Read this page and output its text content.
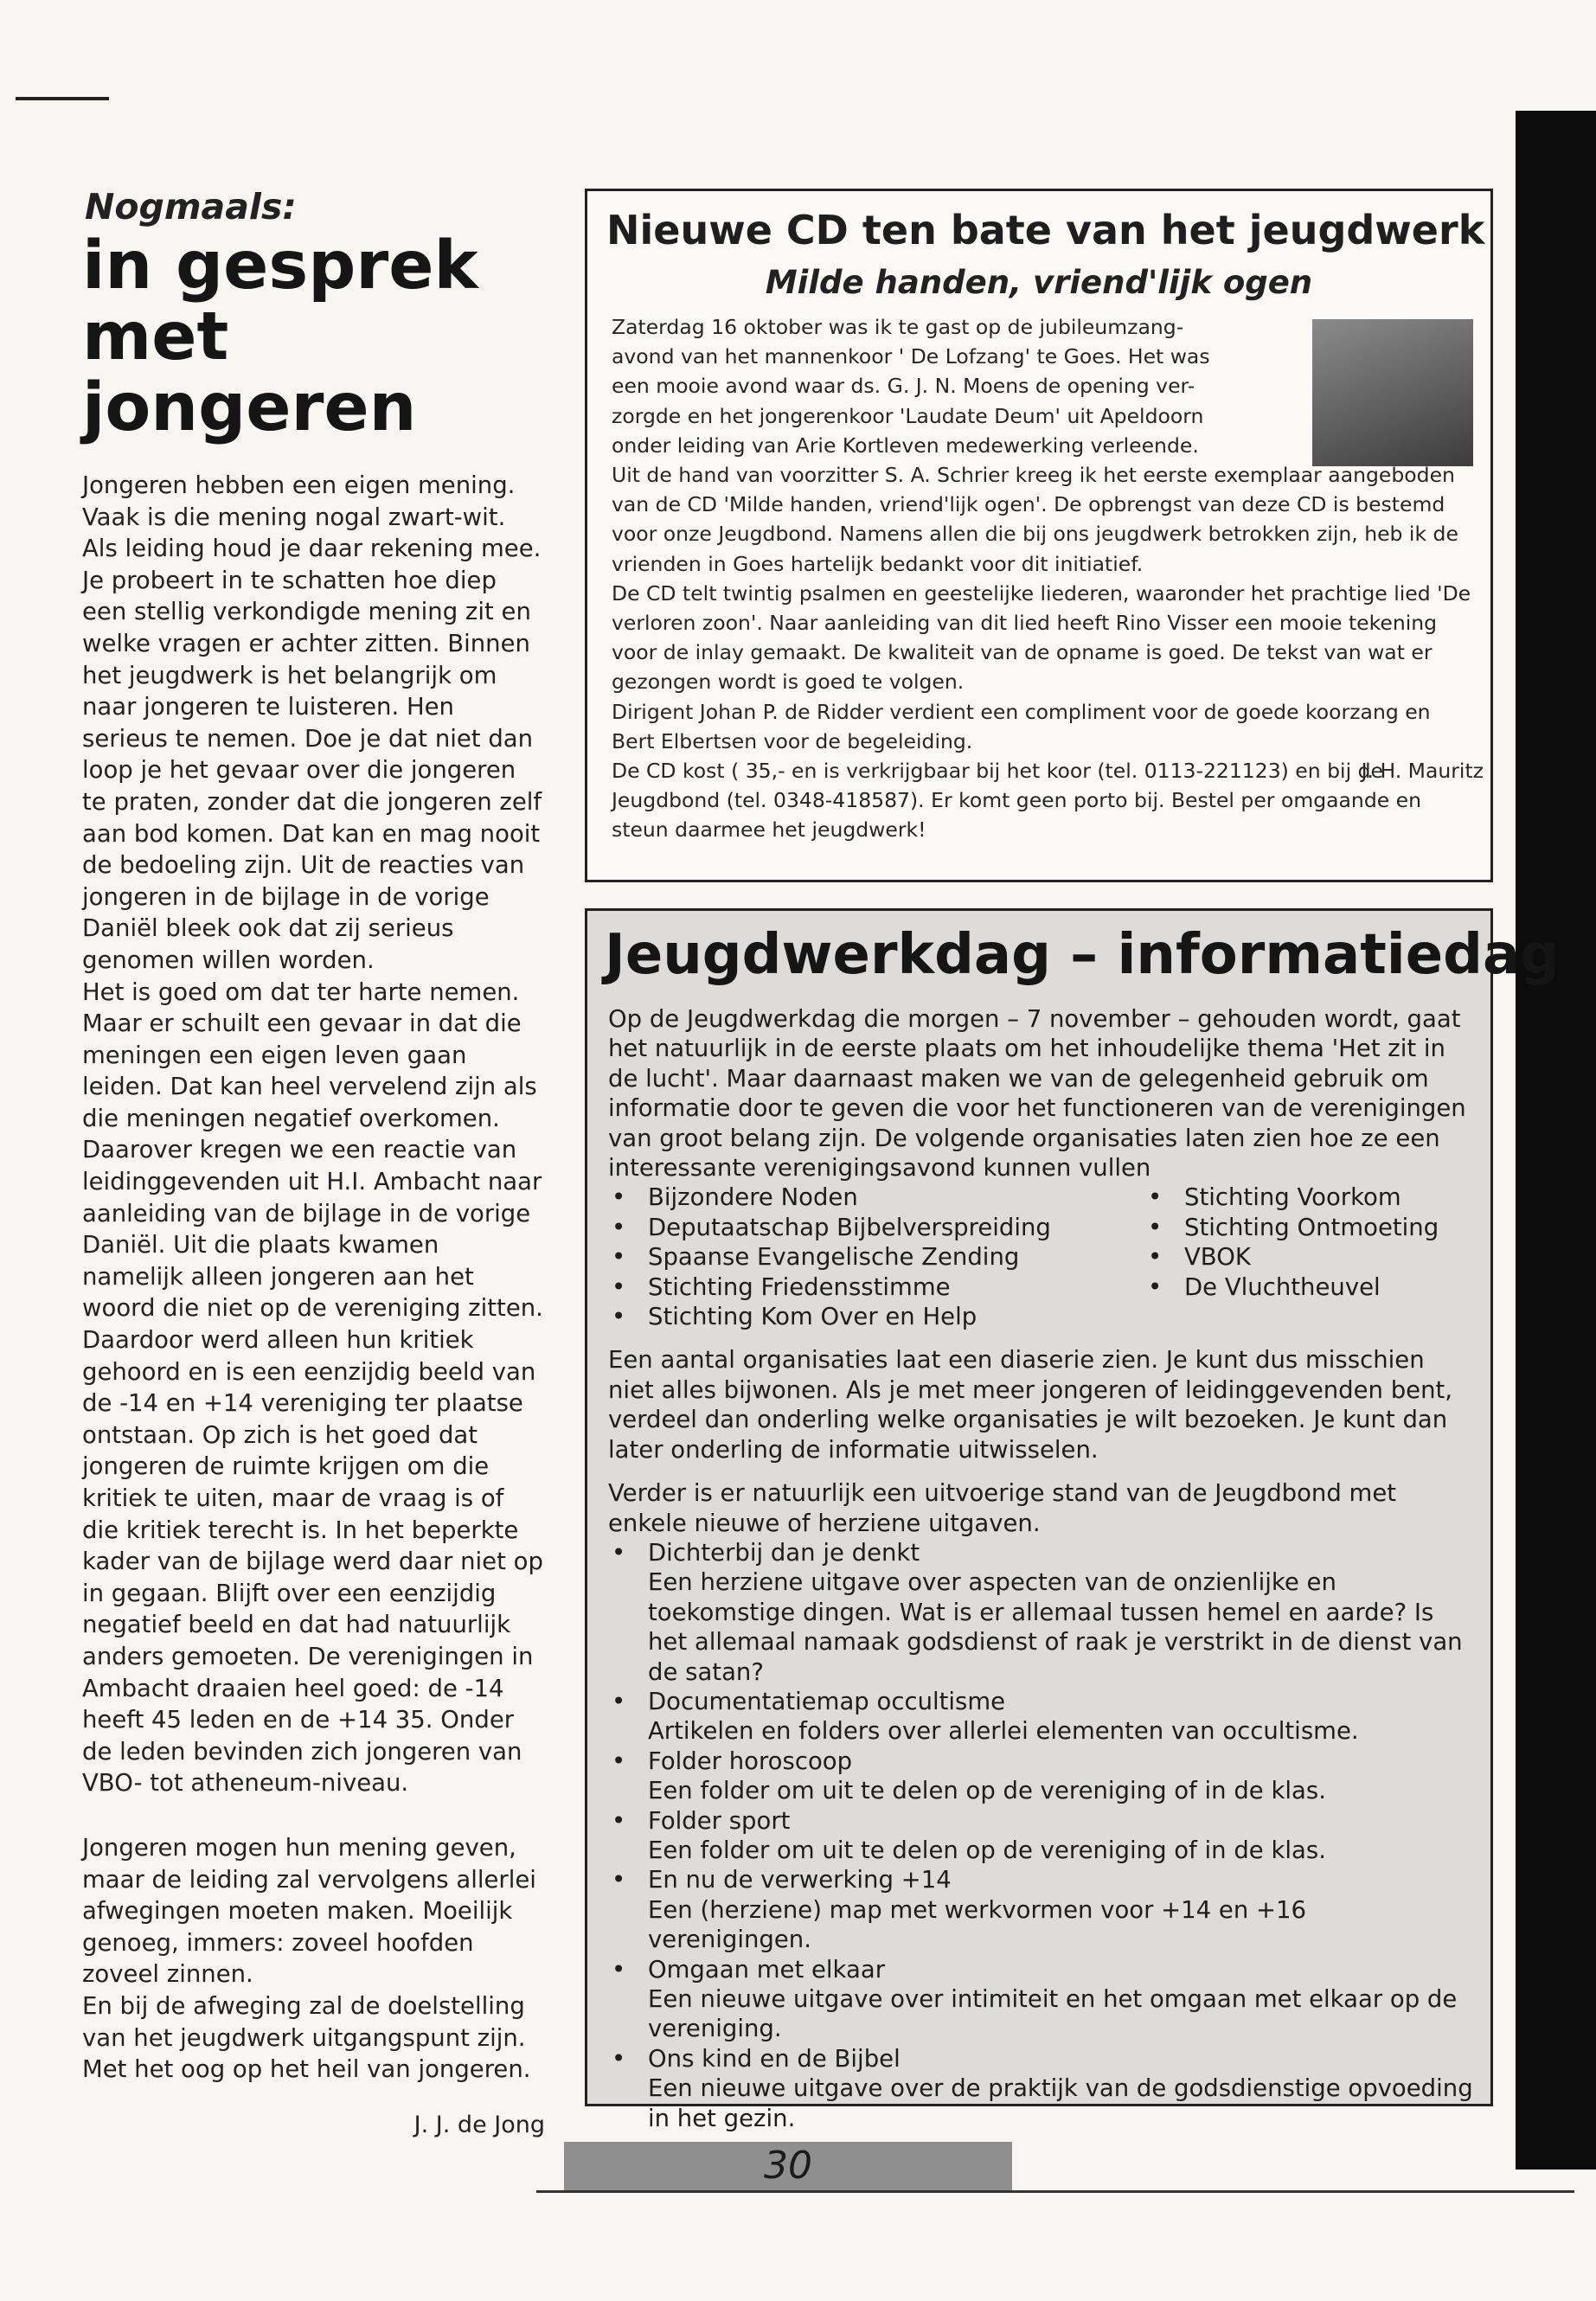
Nogmaals:
in gesprek met jongeren

Jongeren hebben een eigen mening. Vaak is die mening nogal zwart-wit. Als leiding houd je daar rekening mee. Je probeert in te schatten hoe diep een stellig verkondigde mening zit en welke vragen er achter zitten. Binnen het jeugdwerk is het belangrijk om naar jongeren te luisteren. Hen serieus te nemen. Doe je dat niet dan loop je het gevaar over die jongeren te praten, zonder dat die jongeren zelf aan bod komen. Dat kan en mag nooit de bedoeling zijn. Uit de reacties van jongeren in de bijlage in de vorige Daniël bleek ook dat zij serieus genomen willen worden.

Het is goed om dat ter harte nemen. Maar er schuilt een gevaar in dat die meningen een eigen leven gaan leiden. Dat kan heel vervelend zijn als die meningen negatief overkomen. Daarover kregen we een reactie van leidinggevenden uit H.I. Ambacht naar aanleiding van de bijlage in de vorige Daniël. Uit die plaats kwamen namelijk alleen jongeren aan het woord die niet op de vereniging zitten. Daardoor werd alleen hun kritiek gehoord en is een eenzijdig beeld van de -14 en +14 vereniging ter plaatse ontstaan. Op zich is het goed dat jongeren de ruimte krijgen om die kritiek te uiten, maar de vraag is of die kritiek terecht is. In het beperkte kader van de bijlage werd daar niet op in gegaan. Blijft over een eenzijdig negatief beeld en dat had natuurlijk anders gemoeten. De verenigingen in Ambacht draaien heel goed: de -14 heeft 45 leden en de +14 35. Onder de leden bevinden zich jongeren van VBO- tot atheneum-niveau.

Jongeren mogen hun mening geven, maar de leiding zal vervolgens allerlei afwegingen moeten maken. Moeilijk genoeg, immers: zoveel hoofden zoveel zinnen.

En bij de afweging zal de doelstelling van het jeugdwerk uitgangspunt zijn. Met het oog op het heil van jongeren.

J. J. de Jong
Nieuwe CD ten bate van het jeugdwerk
Milde handen, vriend'lijk ogen
Zaterdag 16 oktober was ik te gast op de jubileumzang-
avond van het mannenkoor ' De Lofzang' te Goes. Het was
een mooie avond waar ds. G. J. N. Moens de opening ver-
zorgde en het jongerenkoor 'Laudate Deum' uit Apeldoorn
onder leiding van Arie Kortleven medewerking verleende.
Uit de hand van voorzitter S. A. Schrier kreeg ik het eerste exemplaar aangeboden van de CD 'Milde handen, vriend'lijk ogen'. De opbrengst van deze CD is bestemd voor onze Jeugdbond. Namens allen die bij ons jeugdwerk betrokken zijn, heb ik de vrienden in Goes hartelijk bedankt voor dit initiatief.
De CD telt twintig psalmen en geestelijke liederen, waaronder het prachtige lied 'De verloren zoon'. Naar aanleiding van dit lied heeft Rino Visser een mooie tekening voor de inlay gemaakt. De kwaliteit van de opname is goed. De tekst van wat er gezongen wordt is goed te volgen.
Dirigent Johan P. de Ridder verdient een compliment voor de goede koorzang en Bert Elbertsen voor de begeleiding.
De CD kost ( 35,- en is verkrijgbaar bij het koor (tel. 0113-221123) en bij de Jeugdbond (tel. 0348-418587). Er komt geen porto bij. Bestel per omgaande en steun daarmee het jeugdwerk!
J. H. Mauritz
Jeugdwerkdag – informatiedag

Op de Jeugdwerkdag die morgen – 7 november – gehouden wordt, gaat het natuurlijk in de eerste plaats om het inhoudelijke thema 'Het zit in de lucht'. Maar daarnaast maken we van de gelegenheid gebruik om informatie door te geven die voor het functioneren van de verenigingen van groot belang zijn. De volgende organisaties laten zien hoe ze een interessante verenigingsavond kunnen vullen

• Bijzondere Noden
• Deputaatschap Bijbelverspreiding
• Spaanse Evangelische Zending
• Stichting Friedensstimme
• Stichting Kom Over en Help
• Stichting Voorkom
• Stichting Ontmoeting
• VBOK
• De Vluchtheuvel

Een aantal organisaties laat een diaserie zien. Je kunt dus misschien niet alles bijwonen. Als je met meer jongeren of leidinggevenden bent, verdeel dan onderling welke organisaties je wilt bezoeken. Je kunt dan later onderling de informatie uitwisselen.

Verder is er natuurlijk een uitvoerige stand van de Jeugdbond met enkele nieuwe of herziene uitgaven.

• Dichterbij dan je denkt
Een herziene uitgave over aspecten van de onzienlijke en toekomstige dingen. Wat is er allemaal tussen hemel en aarde? Is het allemaal namaak godsdienst of raak je verstrikt in de dienst van de satan?
• Documentatiemap occultisme
Artikelen en folders over allerlei elementen van occultisme.
• Folder horoscoop
Een folder om uit te delen op de vereniging of in de klas.
• Folder sport
Een folder om uit te delen op de vereniging of in de klas.
• En nu de verwerking +14
Een (herziene) map met werkvormen voor +14 en +16 verenigingen.
• Omgaan met elkaar
Een nieuwe uitgave over intimiteit en het omgaan met elkaar op de vereniging.
• Ons kind en de Bijbel
Een nieuwe uitgave over de praktijk van de godsdienstige opvoeding in het gezin.
30
